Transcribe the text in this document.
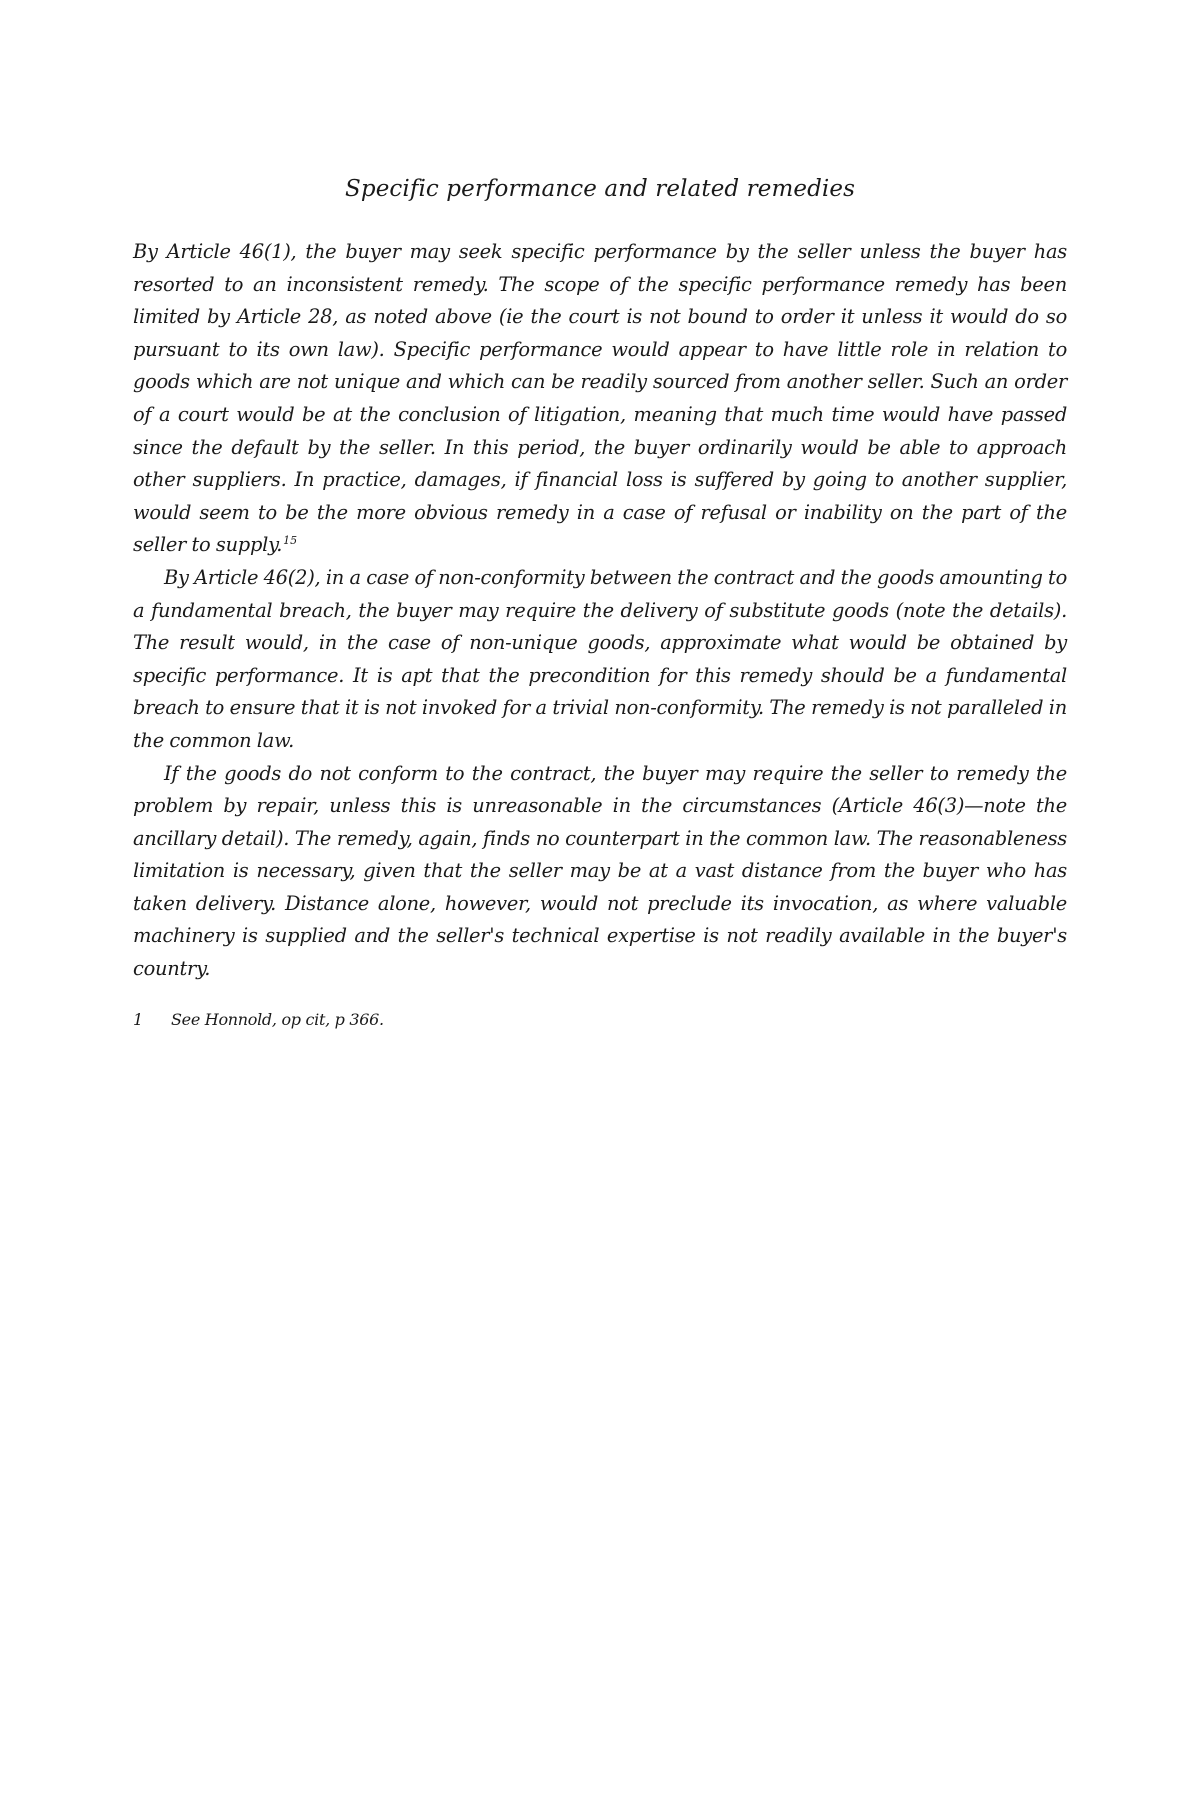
Specific performance and related remedies

By Article 46(1), the buyer may seek specific performance by the seller unless the buyer has resorted to an inconsistent remedy. The scope of the specific performance remedy has been limited by Article 28, as noted above (ie the court is not bound to order it unless it would do so pursuant to its own law). Specific performance would appear to have little role in relation to goods which are not unique and which can be readily sourced from another seller. Such an order of a court would be at the conclusion of litigation, meaning that much time would have passed since the default by the seller. In this period, the buyer ordinarily would be able to approach other suppliers. In practice, damages, if financial loss is suffered by going to another supplier, would seem to be the more obvious remedy in a case of refusal or inability on the part of the seller to supply.$^{15}$

By Article 46(2), in a case of non-conformity between the contract and the goods amounting to a fundamental breach, the buyer may require the delivery of substitute goods (note the details). The result would, in the case of non-unique goods, approximate what would be obtained by specific performance. It is apt that the precondition for this remedy should be a fundamental breach to ensure that it is not invoked for a trivial non-conformity. The remedy is not paralleled in the common law.

If the goods do not conform to the contract, the buyer may require the seller to remedy the problem by repair, unless this is unreasonable in the circumstances (Article 46(3)—note the ancillary detail). The remedy, again, finds no counterpart in the common law. The reasonableness limitation is necessary, given that the seller may be at a vast distance from the buyer who has taken delivery. Distance alone, however, would not preclude its invocation, as where valuable machinery is supplied and the seller's technical expertise is not readily available in the buyer's country.

1 See Honnold, op cit, p 366.
